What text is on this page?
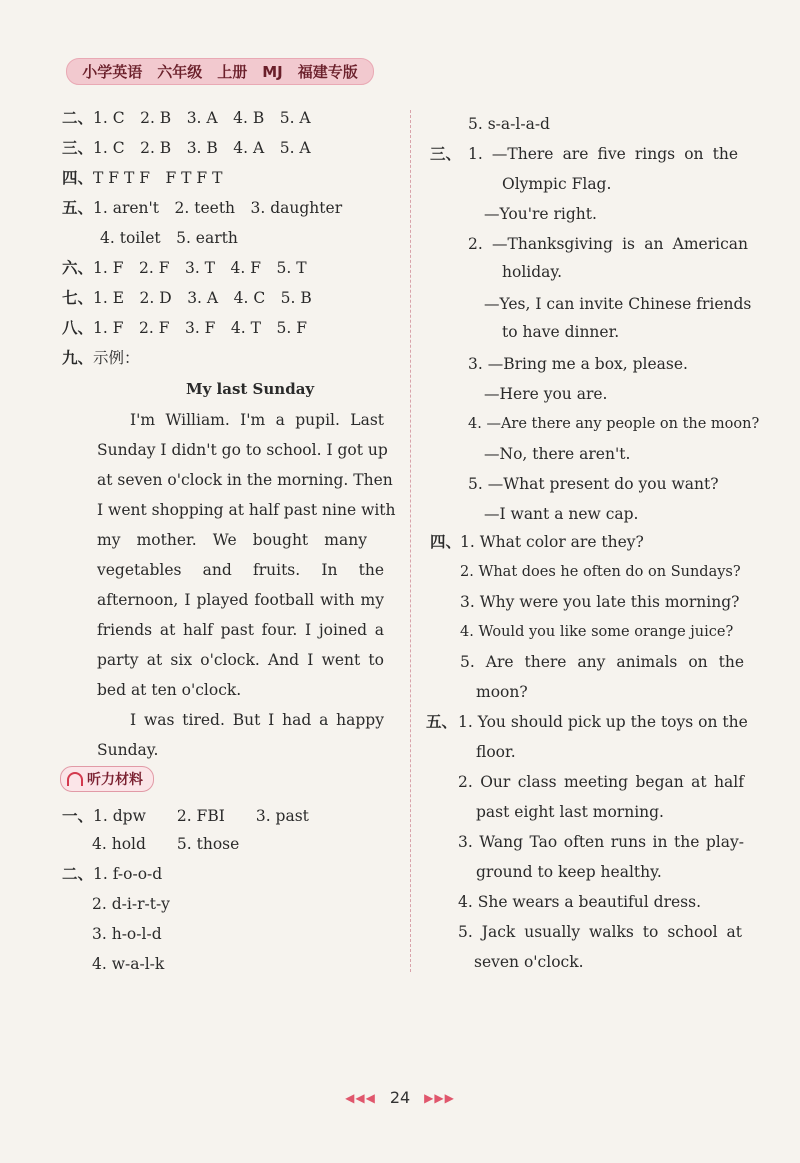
小学英语　六年级　上册　MJ　福建专版
二、1. C　2. B　3. A　4. B　5. A
三、1. C　2. B　3. B　4. A　5. A
四、T F T F　F T F T
五、1. aren't　2. teeth　3. daughter
4. toilet　5. earth
六、1. F　2. F　3. T　4. F　5. T
七、1. E　2. D　3. A　4. C　5. B
八、1. F　2. F　3. F　4. T　5. F
九、示例：
My last Sunday
I'm William. I'm a pupil. Last
Sunday I didn't go to school. I got up
at seven o'clock in the morning. Then
I went shopping at half past nine with
my mother. We bought many
vegetables and fruits. In the
afternoon, I played football with my
friends at half past four. I joined a
party at six o'clock. And I went to
bed at ten o'clock.
I was tired. But I had a happy
Sunday.
听力材料
一、1. dpw　　2. FBI　　3. past
4. hold　　5. those
二、1. f-o-o-d
2. d-i-r-t-y
3. h-o-l-d
4. w-a-l-k
5. s-a-l-a-d
三、 1. —There are five rings on the
Olympic Flag.
—You're right.
2. —Thanksgiving is an American
holiday.
—Yes, I can invite Chinese friends
to have dinner.
3. —Bring me a box, please.
—Here you are.
4. —Are there any people on the moon?
—No, there aren't.
5. —What present do you want?
—I want a new cap.
四、
1. What color are they?
2. What does he often do on Sundays?
3. Why were you late this morning?
4. Would you like some orange juice?
5. Are there any animals on the
moon?
五、 1. You should pick up the toys on the
floor.
2. Our class meeting began at half
past eight last morning.
3. Wang Tao often runs in the play-
ground to keep healthy.
4. She wears a beautiful dress.
5. Jack usually walks to school at
seven o'clock.
◀◀◀ 24 ▶▶▶
